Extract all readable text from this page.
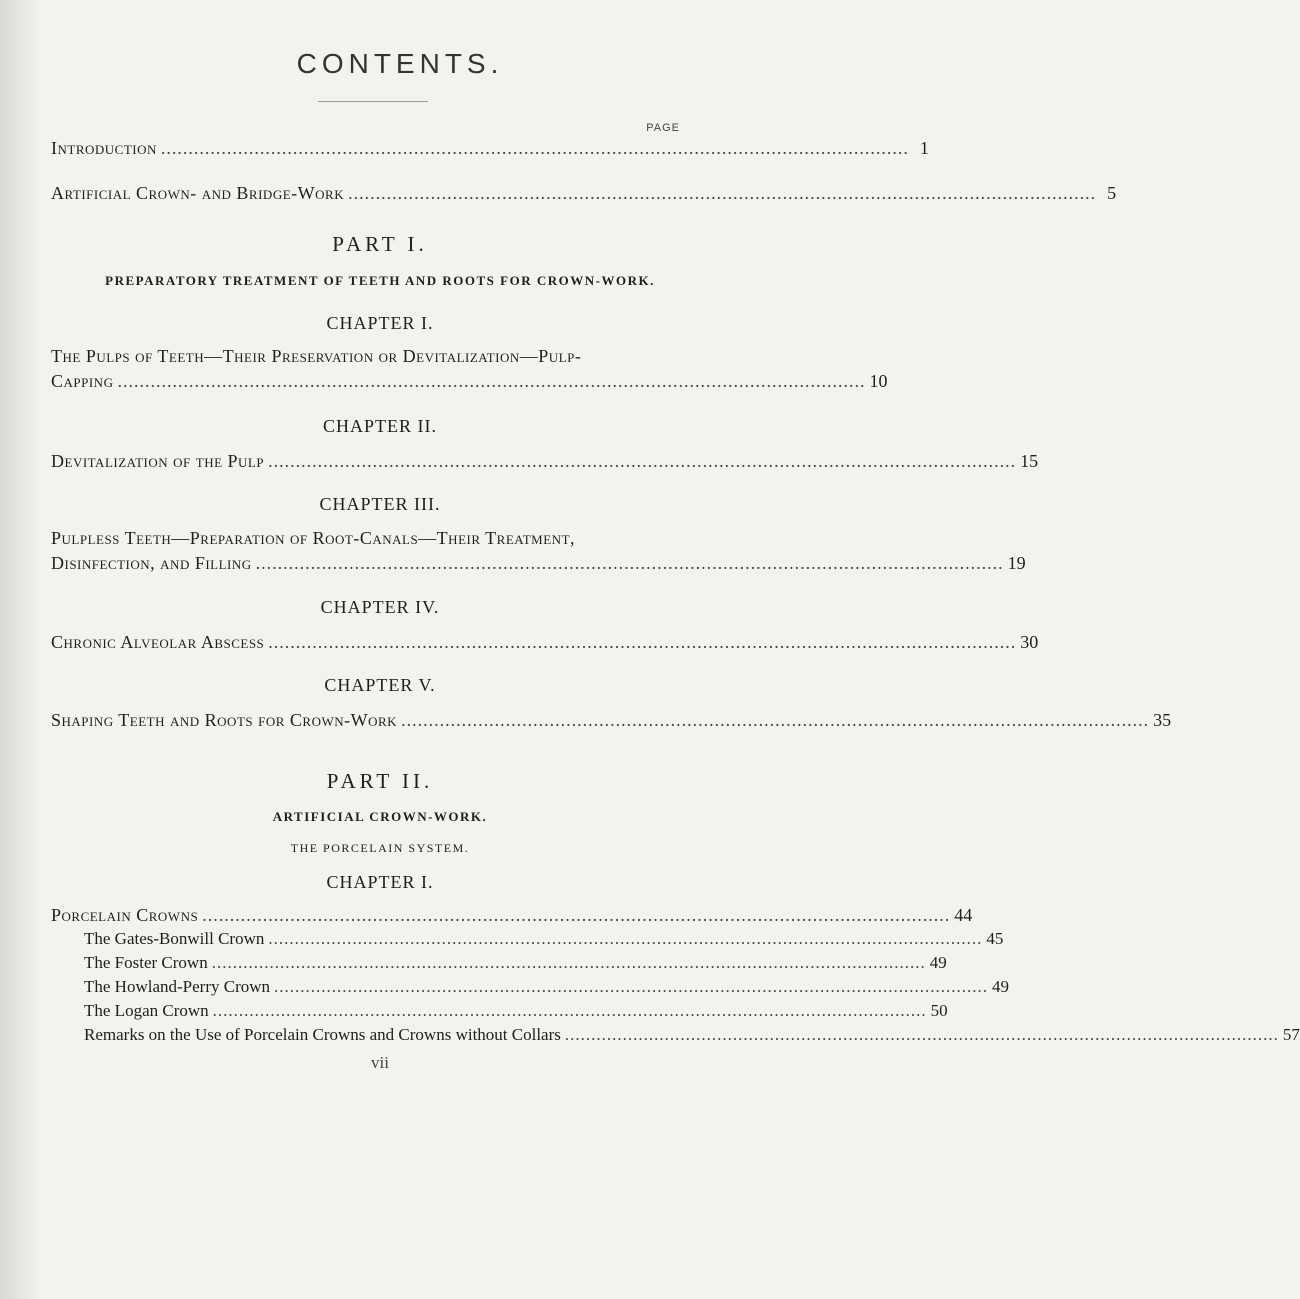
CONTENTS.
PAGE
Introduction ........................................................................................................................................ 1
Artificial Crown- and Bridge-Work ........................................................................................................................................ 5
PART I.
PREPARATORY TREATMENT OF TEETH AND ROOTS FOR CROWN-WORK.
CHAPTER I.
The Pulps of Teeth—Their Preservation or Devitalization—Pulp-
Capping ........................................................................................................................................ 10
CHAPTER II.
Devitalization of the Pulp ........................................................................................................................................ 15
CHAPTER III.
Pulpless Teeth—Preparation of Root-Canals—Their Treatment,
Disinfection, and Filling ........................................................................................................................................ 19
CHAPTER IV.
Chronic Alveolar Abscess ........................................................................................................................................ 30
CHAPTER V.
Shaping Teeth and Roots for Crown-Work ........................................................................................................................................ 35
PART II.
ARTIFICIAL CROWN-WORK.
THE PORCELAIN SYSTEM.
CHAPTER I.
Porcelain Crowns ........................................................................................................................................ 44
The Gates-Bonwill Crown ........................................................................................................................................ 45
The Foster Crown ........................................................................................................................................ 49
The Howland-Perry Crown ........................................................................................................................................ 49
The Logan Crown ........................................................................................................................................ 50
Remarks on the Use of Porcelain Crowns and Crowns without Collars ........................................................................................................................................ 57
vii
